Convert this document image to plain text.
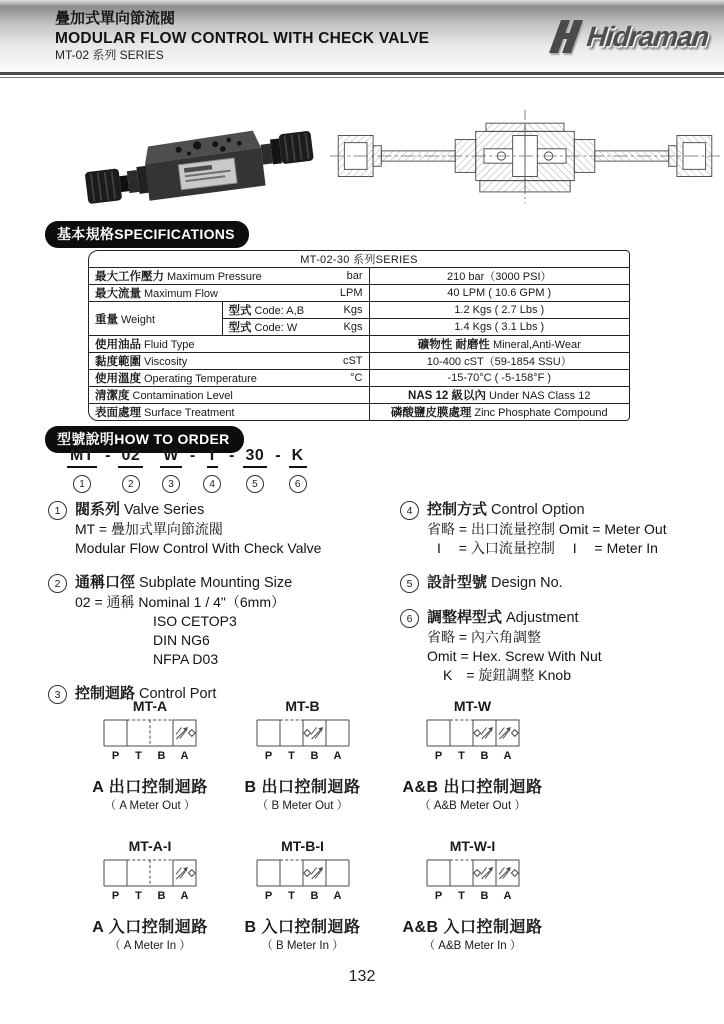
疊加式單向節流閥
MODULAR FLOW CONTROL WITH CHECK VALVE
MT-02 系列 SERIES
Hidraman
基本規格SPECIFICATIONS
MT-02-30 系列SERIES		

最大工作壓力 Maximum Pressure bar		210 bar（3000 PSI）

最大流量 Maximum Flow LPM		40 LPM ( 10.6 GPM )
重量 Weight	型式 Code: A,B Kgs	1.2 Kgs ( 2.7 Lbs )

	型式 Code: W Kgs	1.4 Kgs ( 3.1 Lbs )
使用油品 Fluid Type		礦物性 耐磨性 Mineral,Anti-Wear

黏度範圍 Viscosity cST		10-400 cST（59-1854 SSU）

使用溫度 Operating Temperature °C		-15-70°C ( -5-158°F )
清潔度 Contamination Level		NAS 12 級以內 Under NAS Class 12
表面處理 Surface Treatment		磷酸鹽皮膜處理 Zinc Phosphate Compound
型號說明HOW TO ORDER
MT
1
- 02
2
W
3
- I
4
- 30
5
- K
6
1 閥系列 Valve Series
MT = 疊加式單向節流閥
Modular Flow Control With Check Valve
2 通稱口徑 Subplate Mounting Size
02 = 通稱 Nominal 1 / 4"（6mm）
ISO CETOP3
DIN NG6
NFPA D03
3 控制迴路 Control Port
4 控制方式 Control Option
省略 = 出口流量控制 Omit = Meter Out
I　 = 入口流量控制　 I 　= Meter In
5 設計型號 Design No.
6 調整桿型式 Adjustment
省略 = 內六角調整
Omit = Hex. Screw With Nut
K　= 旋鈕調整 Knob
MT-A
P T B A
A 出口控制迴路
（ A Meter Out ）
MT-B
P T B A
B 出口控制迴路
（ B Meter Out ）
MT-W
P T B A
A&B 出口控制迴路
（ A&B Meter Out ）
MT-A-I
P T B A
A 入口控制迴路
（ A Meter In ）
MT-B-I
P T B A
B 入口控制迴路
（ B Meter In ）
MT-W-I
P T B A
A&B 入口控制迴路
（ A&B Meter In ）
132
